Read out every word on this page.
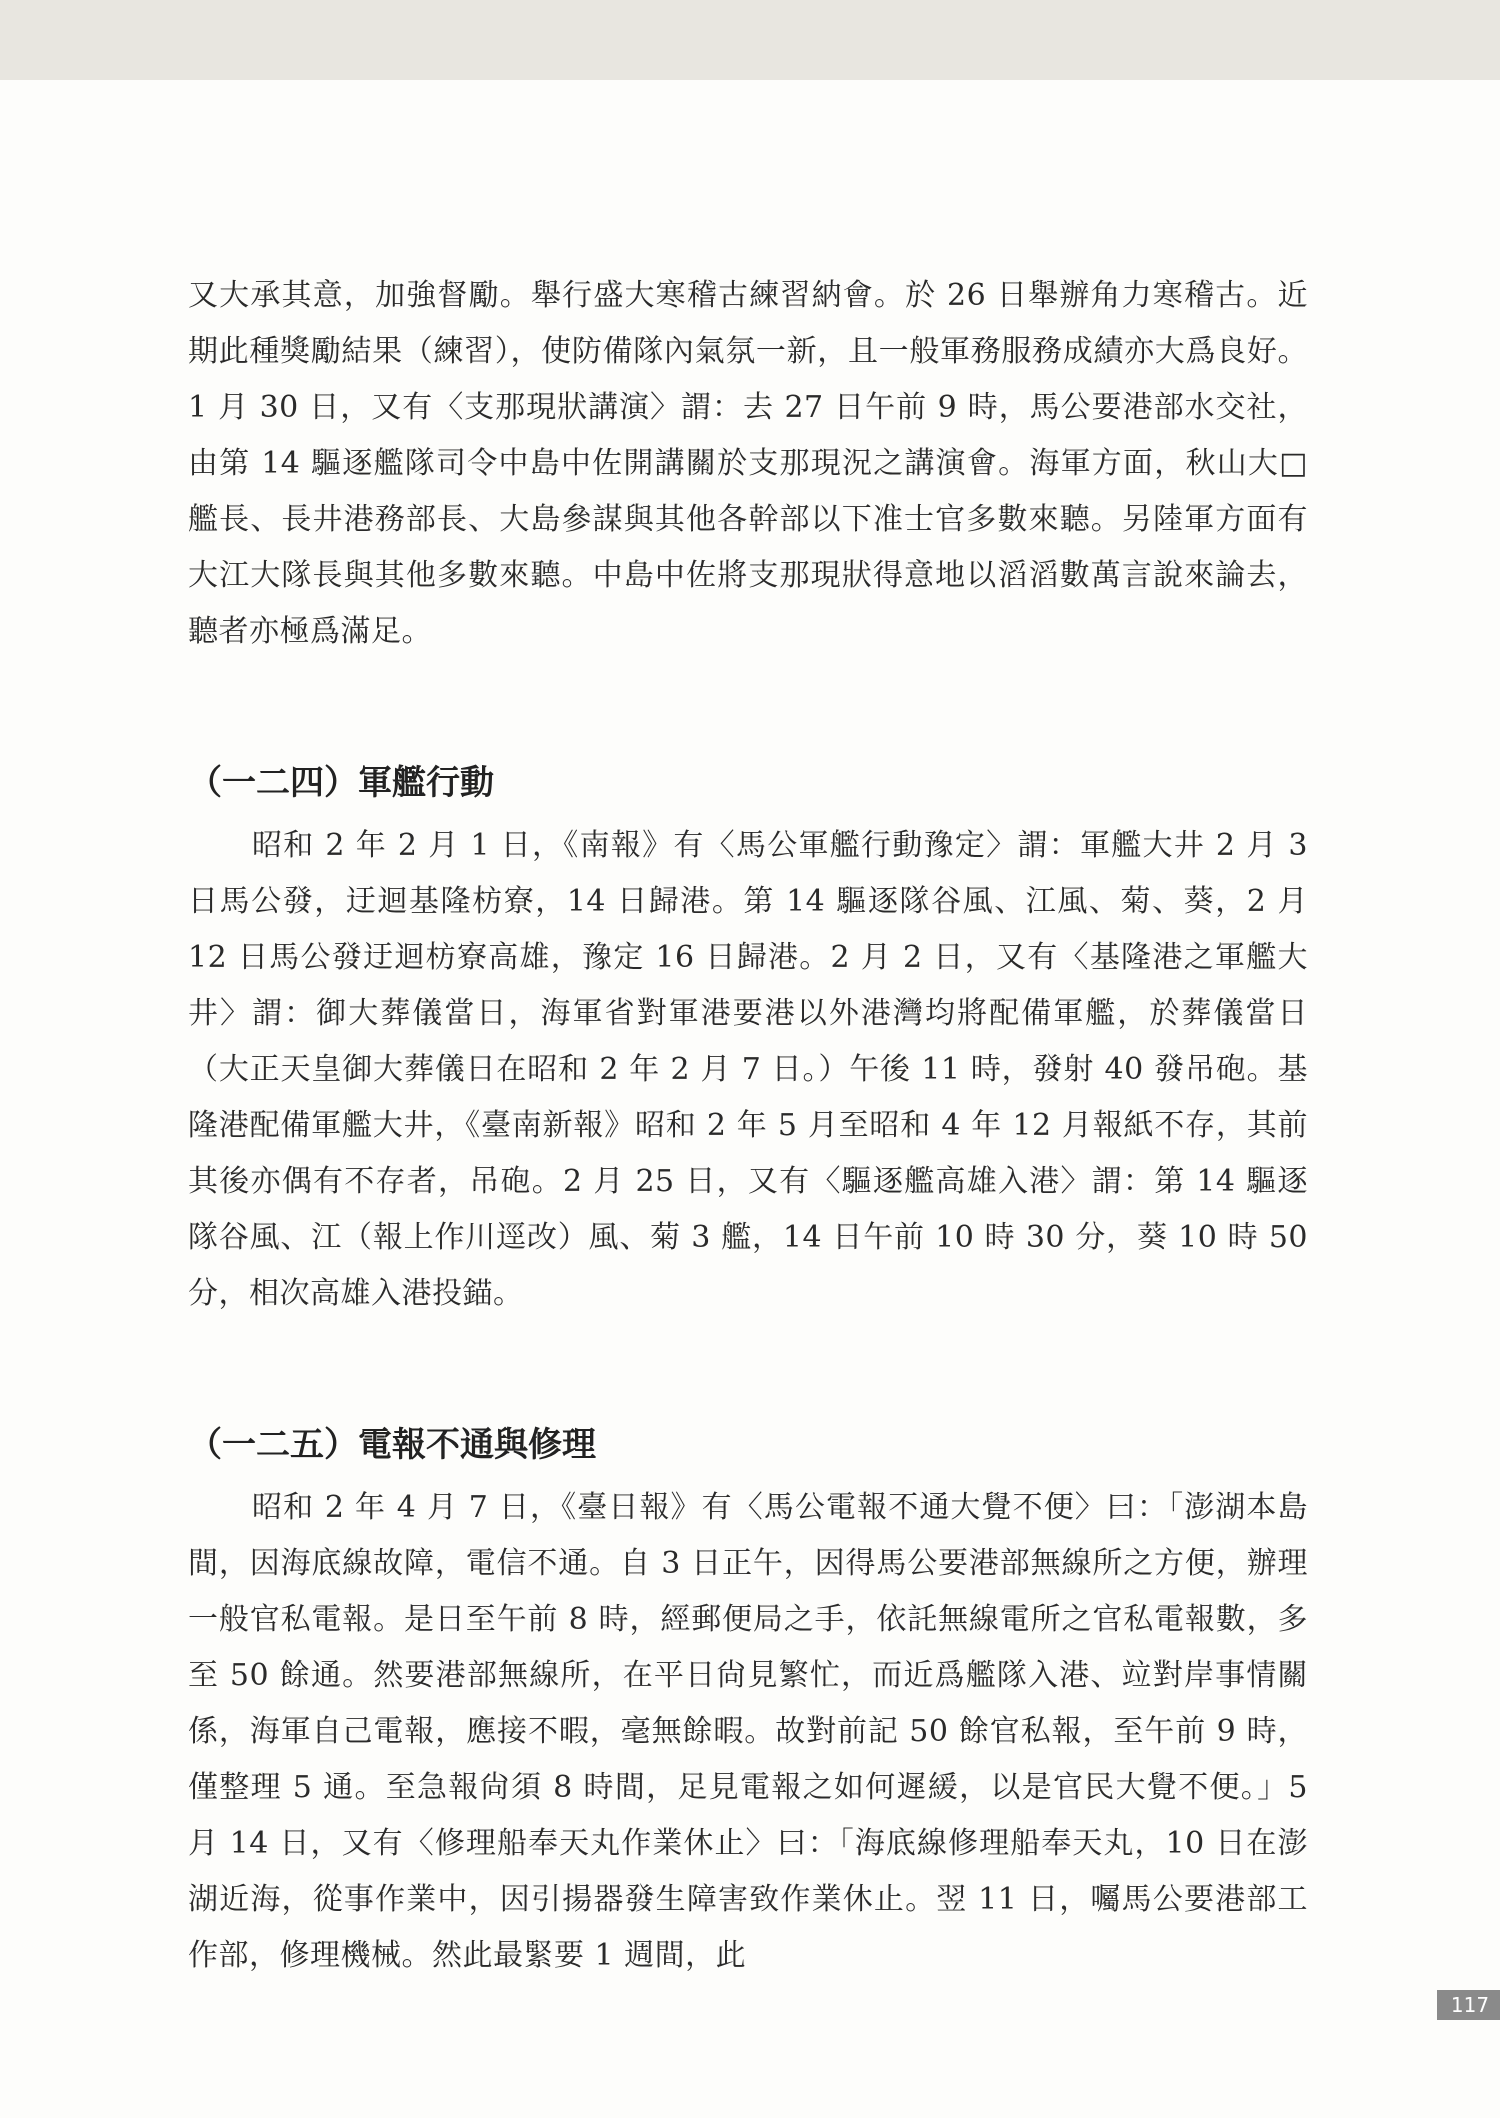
又大承其意，加強督勵。舉行盛大寒稽古練習納會。於 26 日舉辦角力寒稽古。近期此種獎勵結果（練習），使防備隊內氣氛一新，且一般軍務服務成績亦大爲良好。1 月 30 日，又有〈支那現狀講演〉謂：去 27 日午前 9 時，馬公要港部水交社，由第 14 驅逐艦隊司令中島中佐開講關於支那現況之講演會。海軍方面，秋山大□艦長、長井港務部長、大島參謀與其他各幹部以下准士官多數來聽。另陸軍方面有大江大隊長與其他多數來聽。中島中佐將支那現狀得意地以滔滔數萬言說來論去，聽者亦極爲滿足。

（一二四）軍艦行動

昭和 2 年 2 月 1 日，《南報》有〈馬公軍艦行動豫定〉謂：軍艦大井 2 月 3 日馬公發，迂迴基隆枋寮，14 日歸港。第 14 驅逐隊谷風、江風、菊、葵，2 月 12 日馬公發迂迴枋寮高雄，豫定 16 日歸港。2 月 2 日，又有〈基隆港之軍艦大井〉謂：御大葬儀當日，海軍省對軍港要港以外港灣均將配備軍艦，於葬儀當日（大正天皇御大葬儀日在昭和 2 年 2 月 7 日。）午後 11 時，發射 40 發吊砲。基隆港配備軍艦大井，《臺南新報》昭和 2 年 5 月至昭和 4 年 12 月報紙不存，其前其後亦偶有不存者，吊砲。2 月 25 日，又有〈驅逐艦高雄入港〉謂：第 14 驅逐隊谷風、江（報上作川逕改）風、菊 3 艦，14 日午前 10 時 30 分，葵 10 時 50 分，相次高雄入港投錨。

（一二五）電報不通與修理

昭和 2 年 4 月 7 日，《臺日報》有〈馬公電報不通大覺不便〉曰：「澎湖本島間，因海底線故障，電信不通。自 3 日正午，因得馬公要港部無線所之方便，辦理一般官私電報。是日至午前 8 時，經郵便局之手，依託無線電所之官私電報數，多至 50 餘通。然要港部無線所，在平日尙見繁忙，而近爲艦隊入港、竝對岸事情關係，海軍自己電報，應接不暇，毫無餘暇。故對前記 50 餘官私報，至午前 9 時，僅整理 5 通。至急報尙須 8 時間，足見電報之如何遲緩，以是官民大覺不便。」5 月 14 日，又有〈修理船奉天丸作業休止〉曰：「海底線修理船奉天丸，10 日在澎湖近海，從事作業中，因引揚器發生障害致作業休止。翌 11 日，囑馬公要港部工作部，修理機械。然此最緊要 1 週間，此

117
